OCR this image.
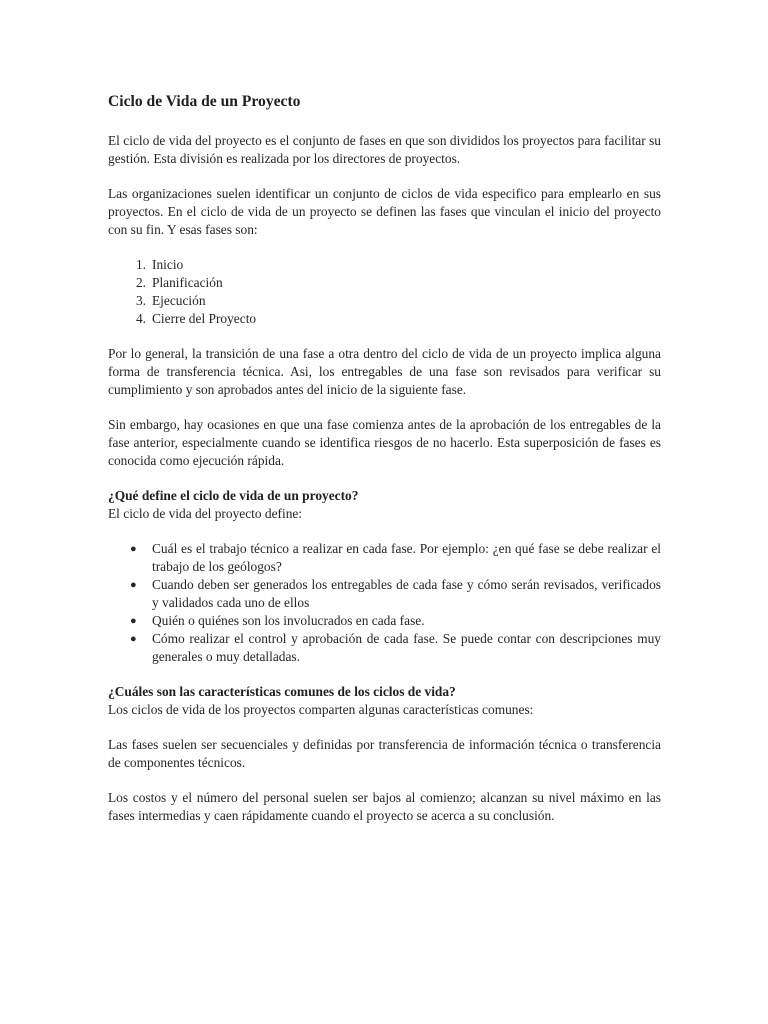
Ciclo de Vida de un Proyecto

El ciclo de vida del proyecto es el conjunto de fases en que son divididos los proyectos para facilitar su gestión. Esta división es realizada por los directores de proyectos.

Las organizaciones suelen identificar un conjunto de ciclos de vida especifico para emplearlo en sus proyectos. En el ciclo de vida de un proyecto se definen las fases que vinculan el inicio del proyecto con su fin. Y esas fases son:

1. Inicio
2. Planificación
3. Ejecución
4. Cierre del Proyecto

Por lo general, la transición de una fase a otra dentro del ciclo de vida de un proyecto implica alguna forma de transferencia técnica. Asi, los entregables de una fase son revisados para verificar su cumplimiento y son aprobados antes del inicio de la siguiente fase.

Sin embargo, hay ocasiones en que una fase comienza antes de la aprobación de los entregables de la fase anterior, especialmente cuando se identifica riesgos de no hacerlo. Esta superposición de fases es conocida como ejecución rápida.

¿Qué define el ciclo de vida de un proyecto?
El ciclo de vida del proyecto define:
● Cuál es el trabajo técnico a realizar en cada fase. Por ejemplo: ¿en qué fase se debe realizar el trabajo de los geólogos?
● Cuando deben ser generados los entregables de cada fase y cómo serán revisados, verificados y validados cada uno de ellos
● Quién o quiénes son los involucrados en cada fase.
● Cómo realizar el control y aprobación de cada fase. Se puede contar con descripciones muy generales o muy detalladas.
¿Cuáles son las características comunes de los ciclos de vida?
Los ciclos de vida de los proyectos comparten algunas características comunes:

Las fases suelen ser secuenciales y definidas por transferencia de información técnica o transferencia de componentes técnicos.

Los costos y el número del personal suelen ser bajos al comienzo; alcanzan su nivel máximo en las fases intermedias y caen rápidamente cuando el proyecto se acerca a su conclusión.
